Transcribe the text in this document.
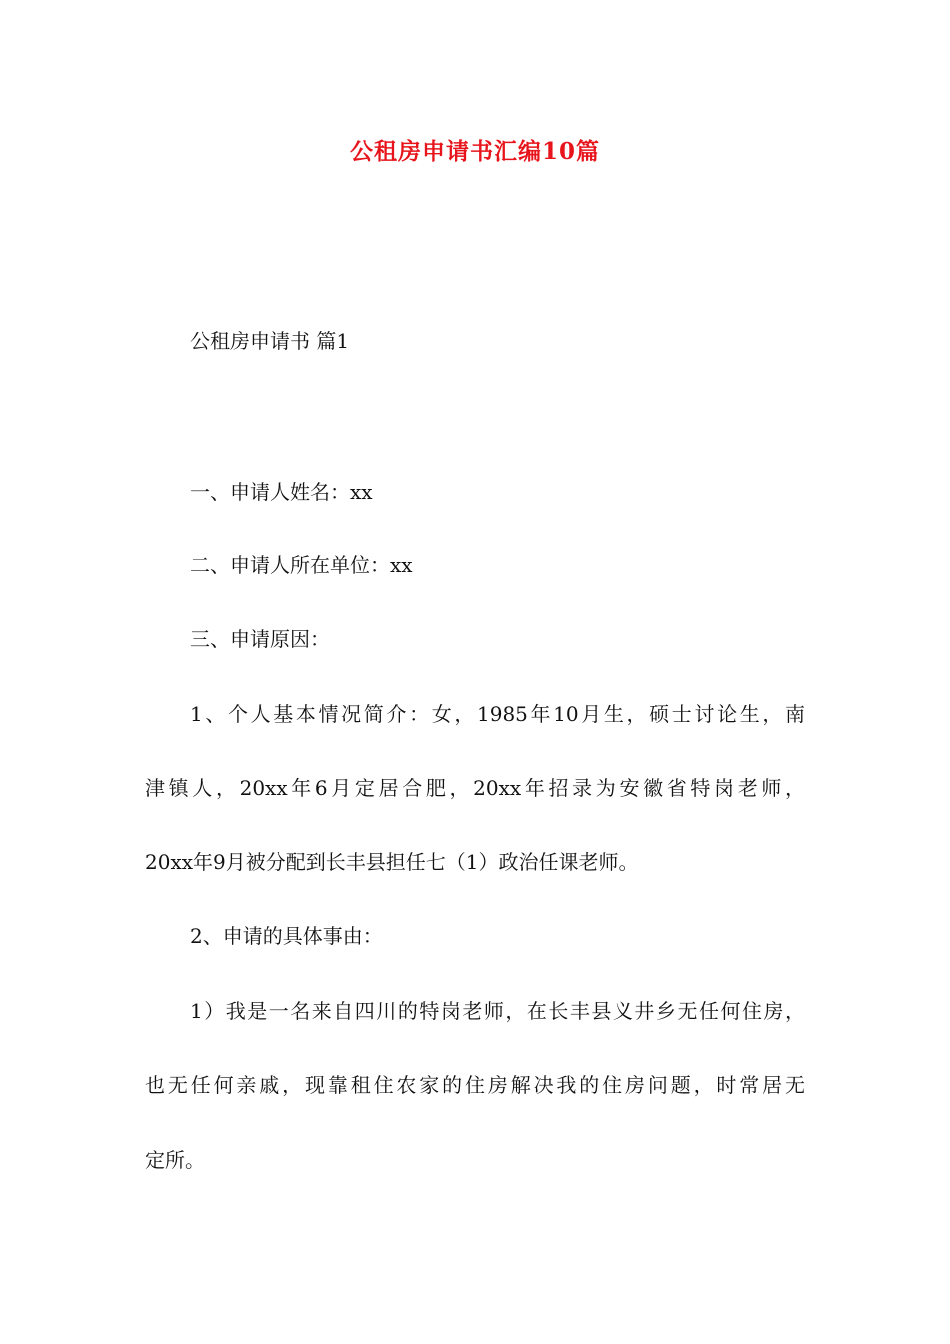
公租房申请书汇编10篇

公租房申请书 篇1

一、申请人姓名：xx

二、申请人所在单位：xx

三、申请原因：

1、个人基本情况简介：女，1985年10月生，硕士讨论生，南

津镇人，20xx年6月定居合肥，20xx年招录为安徽省特岗老师，

20xx年9月被分配到长丰县担任七（1）政治任课老师。

2、申请的具体事由：

1）我是一名来自四川的特岗老师，在长丰县义井乡无任何住房，

也无任何亲戚，现靠租住农家的住房解决我的住房问题，时常居无

定所。
